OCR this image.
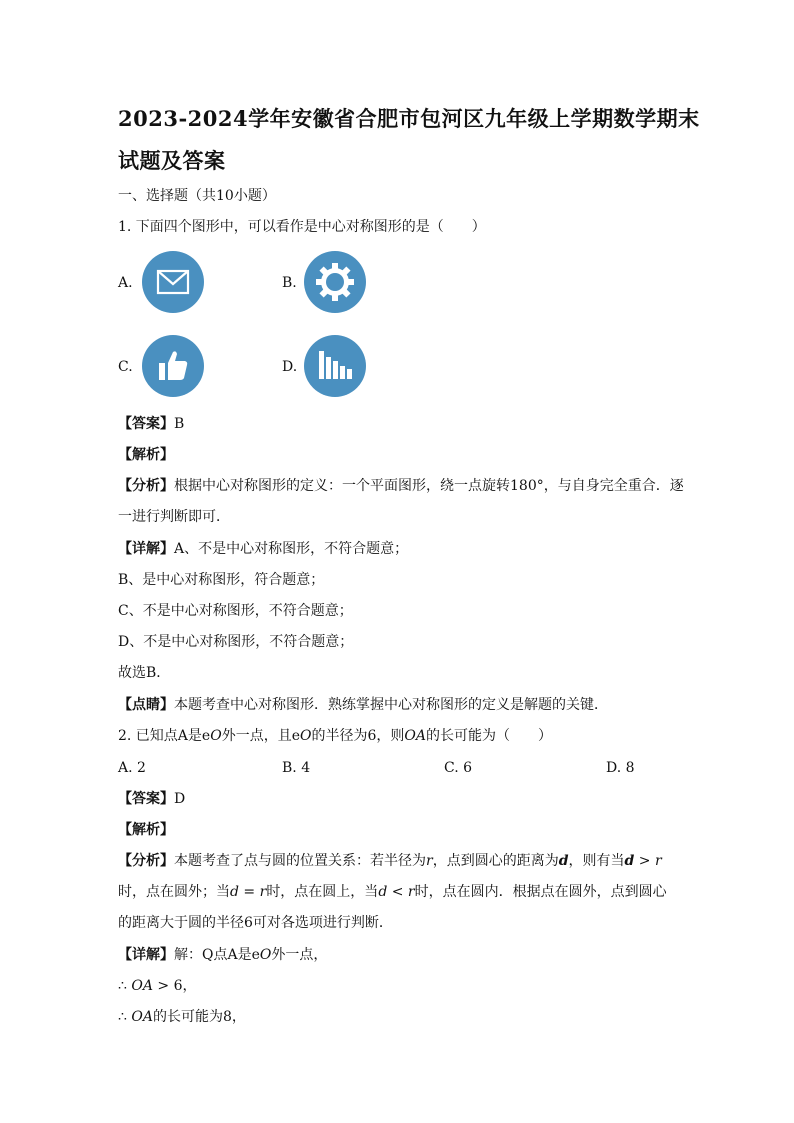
2023-2024学年安徽省合肥市包河区九年级上学期数学期末
试题及答案
一、选择题（共10小题）
1. 下面四个图形中，可以看作是中心对称图形的是（　　）
A.	B.
C.	D.
【答案】B
【解析】
【分析】根据中心对称图形的定义：一个平面图形，绕一点旋转180°，与自身完全重合．逐
一进行判断即可．
【详解】A、不是中心对称图形，不符合题意；
B、是中心对称图形，符合题意；
C、不是中心对称图形，不符合题意；
D、不是中心对称图形，不符合题意；
故选B．
【点睛】本题考查中心对称图形．熟练掌握中心对称图形的定义是解题的关键．
2. 已知点A是eO外一点，且eO的半径为6，则OA的长可能为（　　）
A. 2	B. 4	C. 6	D. 8
【答案】D
【解析】
【分析】本题考查了点与圆的位置关系：若半径为r，点到圆心的距离为d，则有当d > r
时，点在圆外；当d = r时，点在圆上，当d < r时，点在圆内．根据点在圆外，点到圆心
的距离大于圆的半径6可对各选项进行判断．
【详解】解：Q点A是eO外一点，
∴ OA > 6，
∴ OA的长可能为8，
